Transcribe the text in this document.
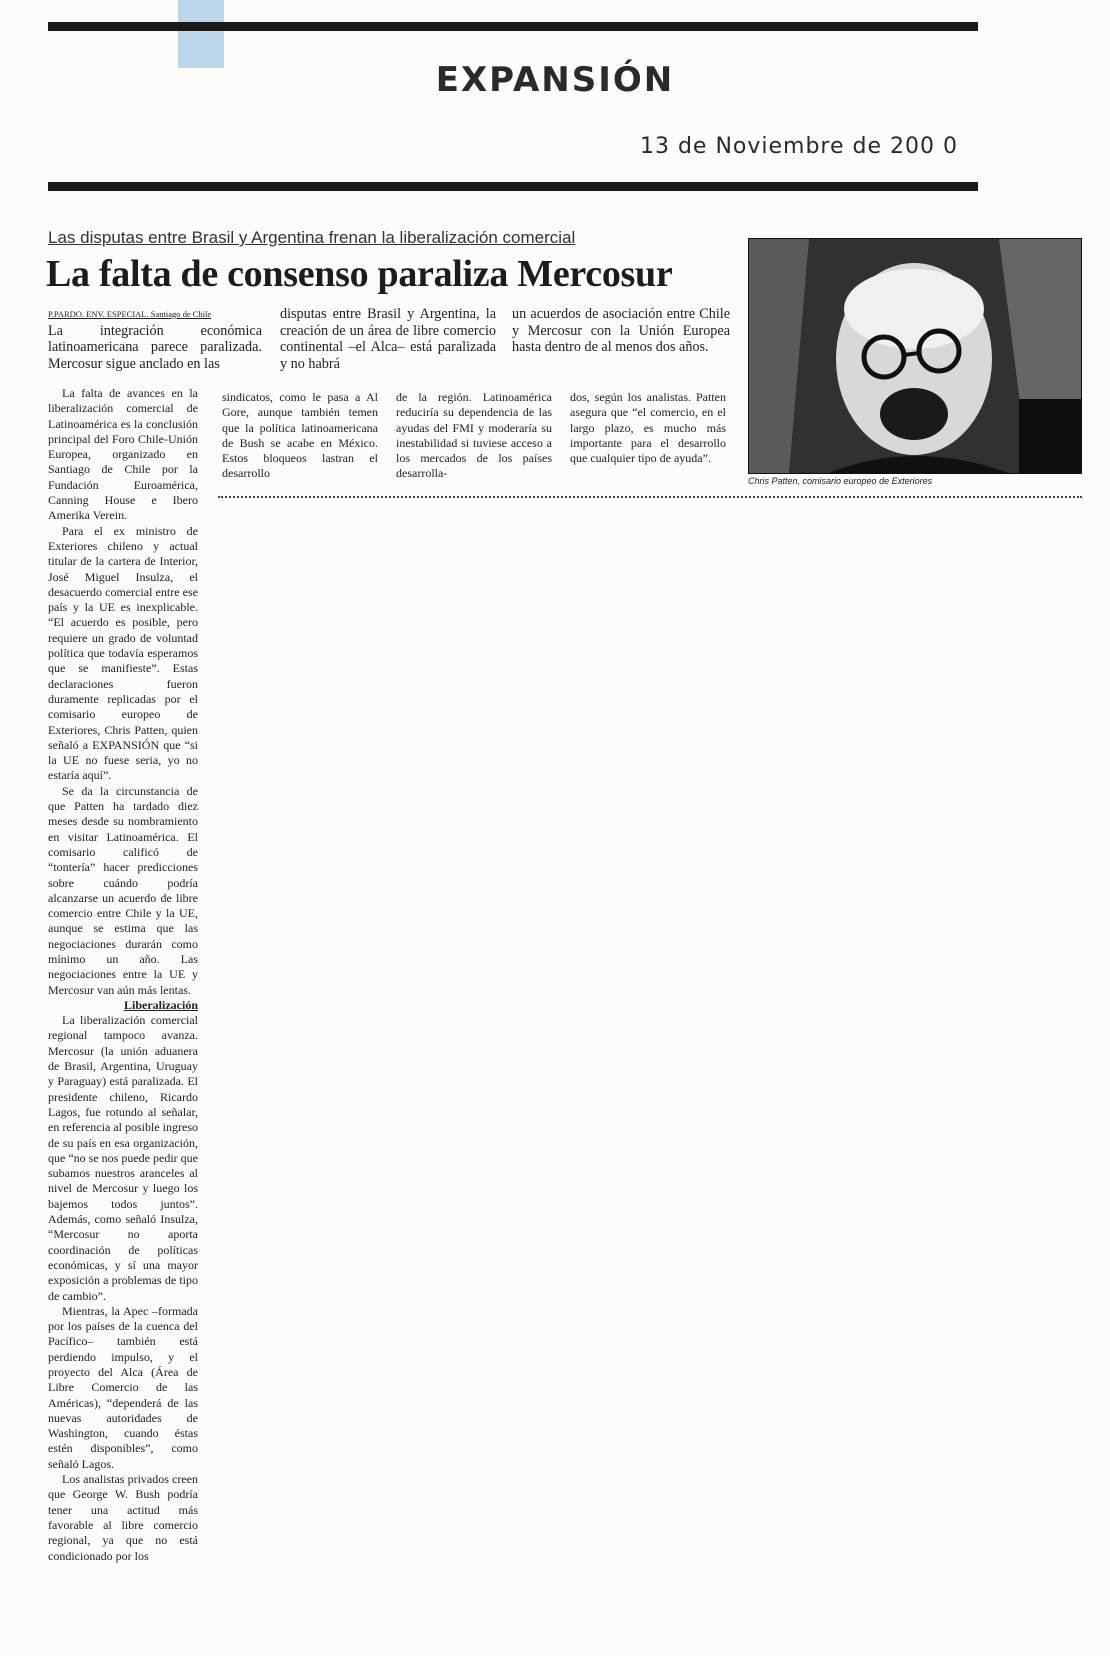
EXPANSIÓN
13 de Noviembre de 200 0
Las disputas entre Brasil y Argentina frenan la liberalización comercial
La falta de consenso paraliza Mercosur
P.PARDO. ENV. ESPECIAL. Santiago de Chile

La integración económica latinoamericana parece paralizada. Mercosur sigue anclado en las

disputas entre Brasil y Argentina, la creación de un área de libre comercio continental –el Alca– está paralizada y no habrá

un acuerdos de asociación entre Chile y Mercosur con la Unión Europea hasta dentro de al menos dos años.

La falta de avances en la liberalización comercial de Latinoamérica es la conclusión principal del Foro Chile-Unión Europea, organizado en Santiago de Chile por la Fundación Euroamérica, Canning House e Ibero Amerika Verein.

Para el ex ministro de Exteriores chileno y actual titular de la cartera de Interior, José Miguel Insulza, el desacuerdo comercial entre ese país y la UE es inexplicable. “El acuerdo es posible, pero requiere un grado de voluntad política que todavía esperamos que se manifieste”. Estas declaraciones fueron duramente replicadas por el comisario europeo de Exteriores, Chris Patten, quien señaló a EXPANSIÓN que “si la UE no fuese seria, yo no estaría aquí”.

Se da la circunstancia de que Patten ha tardado diez meses desde su nombramiento en visitar Latinoamérica. El comisario calificó de “tontería” hacer predicciones sobre cuándo podría alcanzarse un acuerdo de libre comercio entre Chile y la UE, aunque se estima que las negociaciones durarán como mínimo un año. Las negociaciones entre la UE y Mercosur van aún más lentas.

Liberalización

La liberalización comercial regional tampoco avanza. Mercosur (la unión aduanera de Brasil, Argentina, Uruguay y Paraguay) está paralizada. El presidente chileno, Ricardo Lagos, fue rotundo al señalar, en referencia al posible ingreso de su país en esa organización, que “no se nos puede pedir que subamos nuestros aranceles al nivel de Mercosur y luego los bajemos todos juntos”. Además, como señaló Insulza, “Mercosur no aporta coordinación de políticas económicas, y sí una mayor exposición a problemas de tipo de cambio”.

Mientras, la Apec –formada por los países de la cuenca del Pacífico– también está perdiendo impulso, y el proyecto del Alca (Área de Libre Comercio de las Américas), “dependerá de las nuevas autoridades de Washington, cuando éstas estén disponibles”, como señaló Lagos.

Los analistas privados creen que George W. Bush podría tener una actitud más favorable al libre comercio regional, ya que no está condicionado por los

sindicatos, como le pasa a Al Gore, aunque también temen que la política latinoamericana de Bush se acabe en México. Estos bloqueos lastran el desarrollo

de la región. Latinoamérica reduciría su dependencia de las ayudas del FMI y moderaría su inestabilidad si tuviese acceso a los mercados de los países desarrolla-

dos, según los analistas. Patten asegura que “el comercio, en el largo plazo, es mucho más importante para el desarrollo que cualquier tipo de ayuda”.

Chris Patten, comisario europeo de Exteriores
